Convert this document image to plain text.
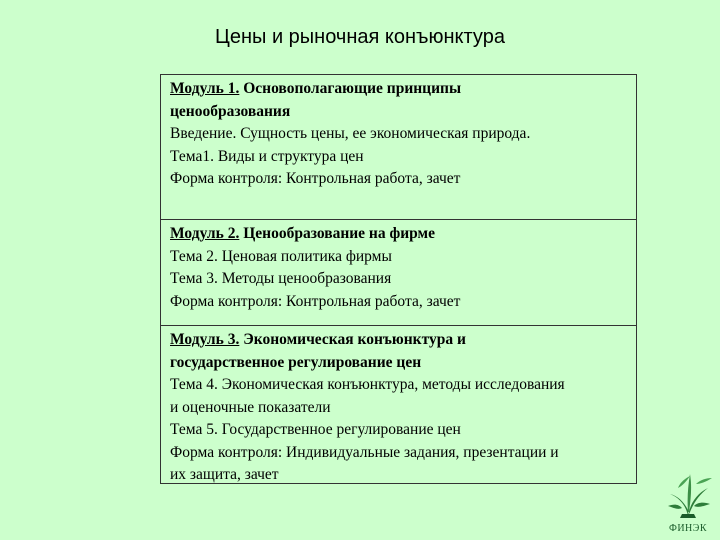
Цены и рыночная конъюнктура
Модуль 1. Основополагающие принципы
ценообразования
Введение. Сущность цены, ее экономическая природа.
Тема1. Виды и структура цен
Форма контроля: Контрольная работа, зачет
Модуль 2. Ценообразование на фирме
Тема 2. Ценовая политика фирмы
Тема 3. Методы ценообразования
Форма контроля: Контрольная работа, зачет
Модуль 3. Экономическая конъюнктура и
государственное регулирование цен
Тема 4. Экономическая конъюнктура, методы исследования
и оценочные показатели
Тема 5. Государственное регулирование цен
Форма контроля: Индивидуальные задания, презентации и
их защита, зачет
ФИНЭК
